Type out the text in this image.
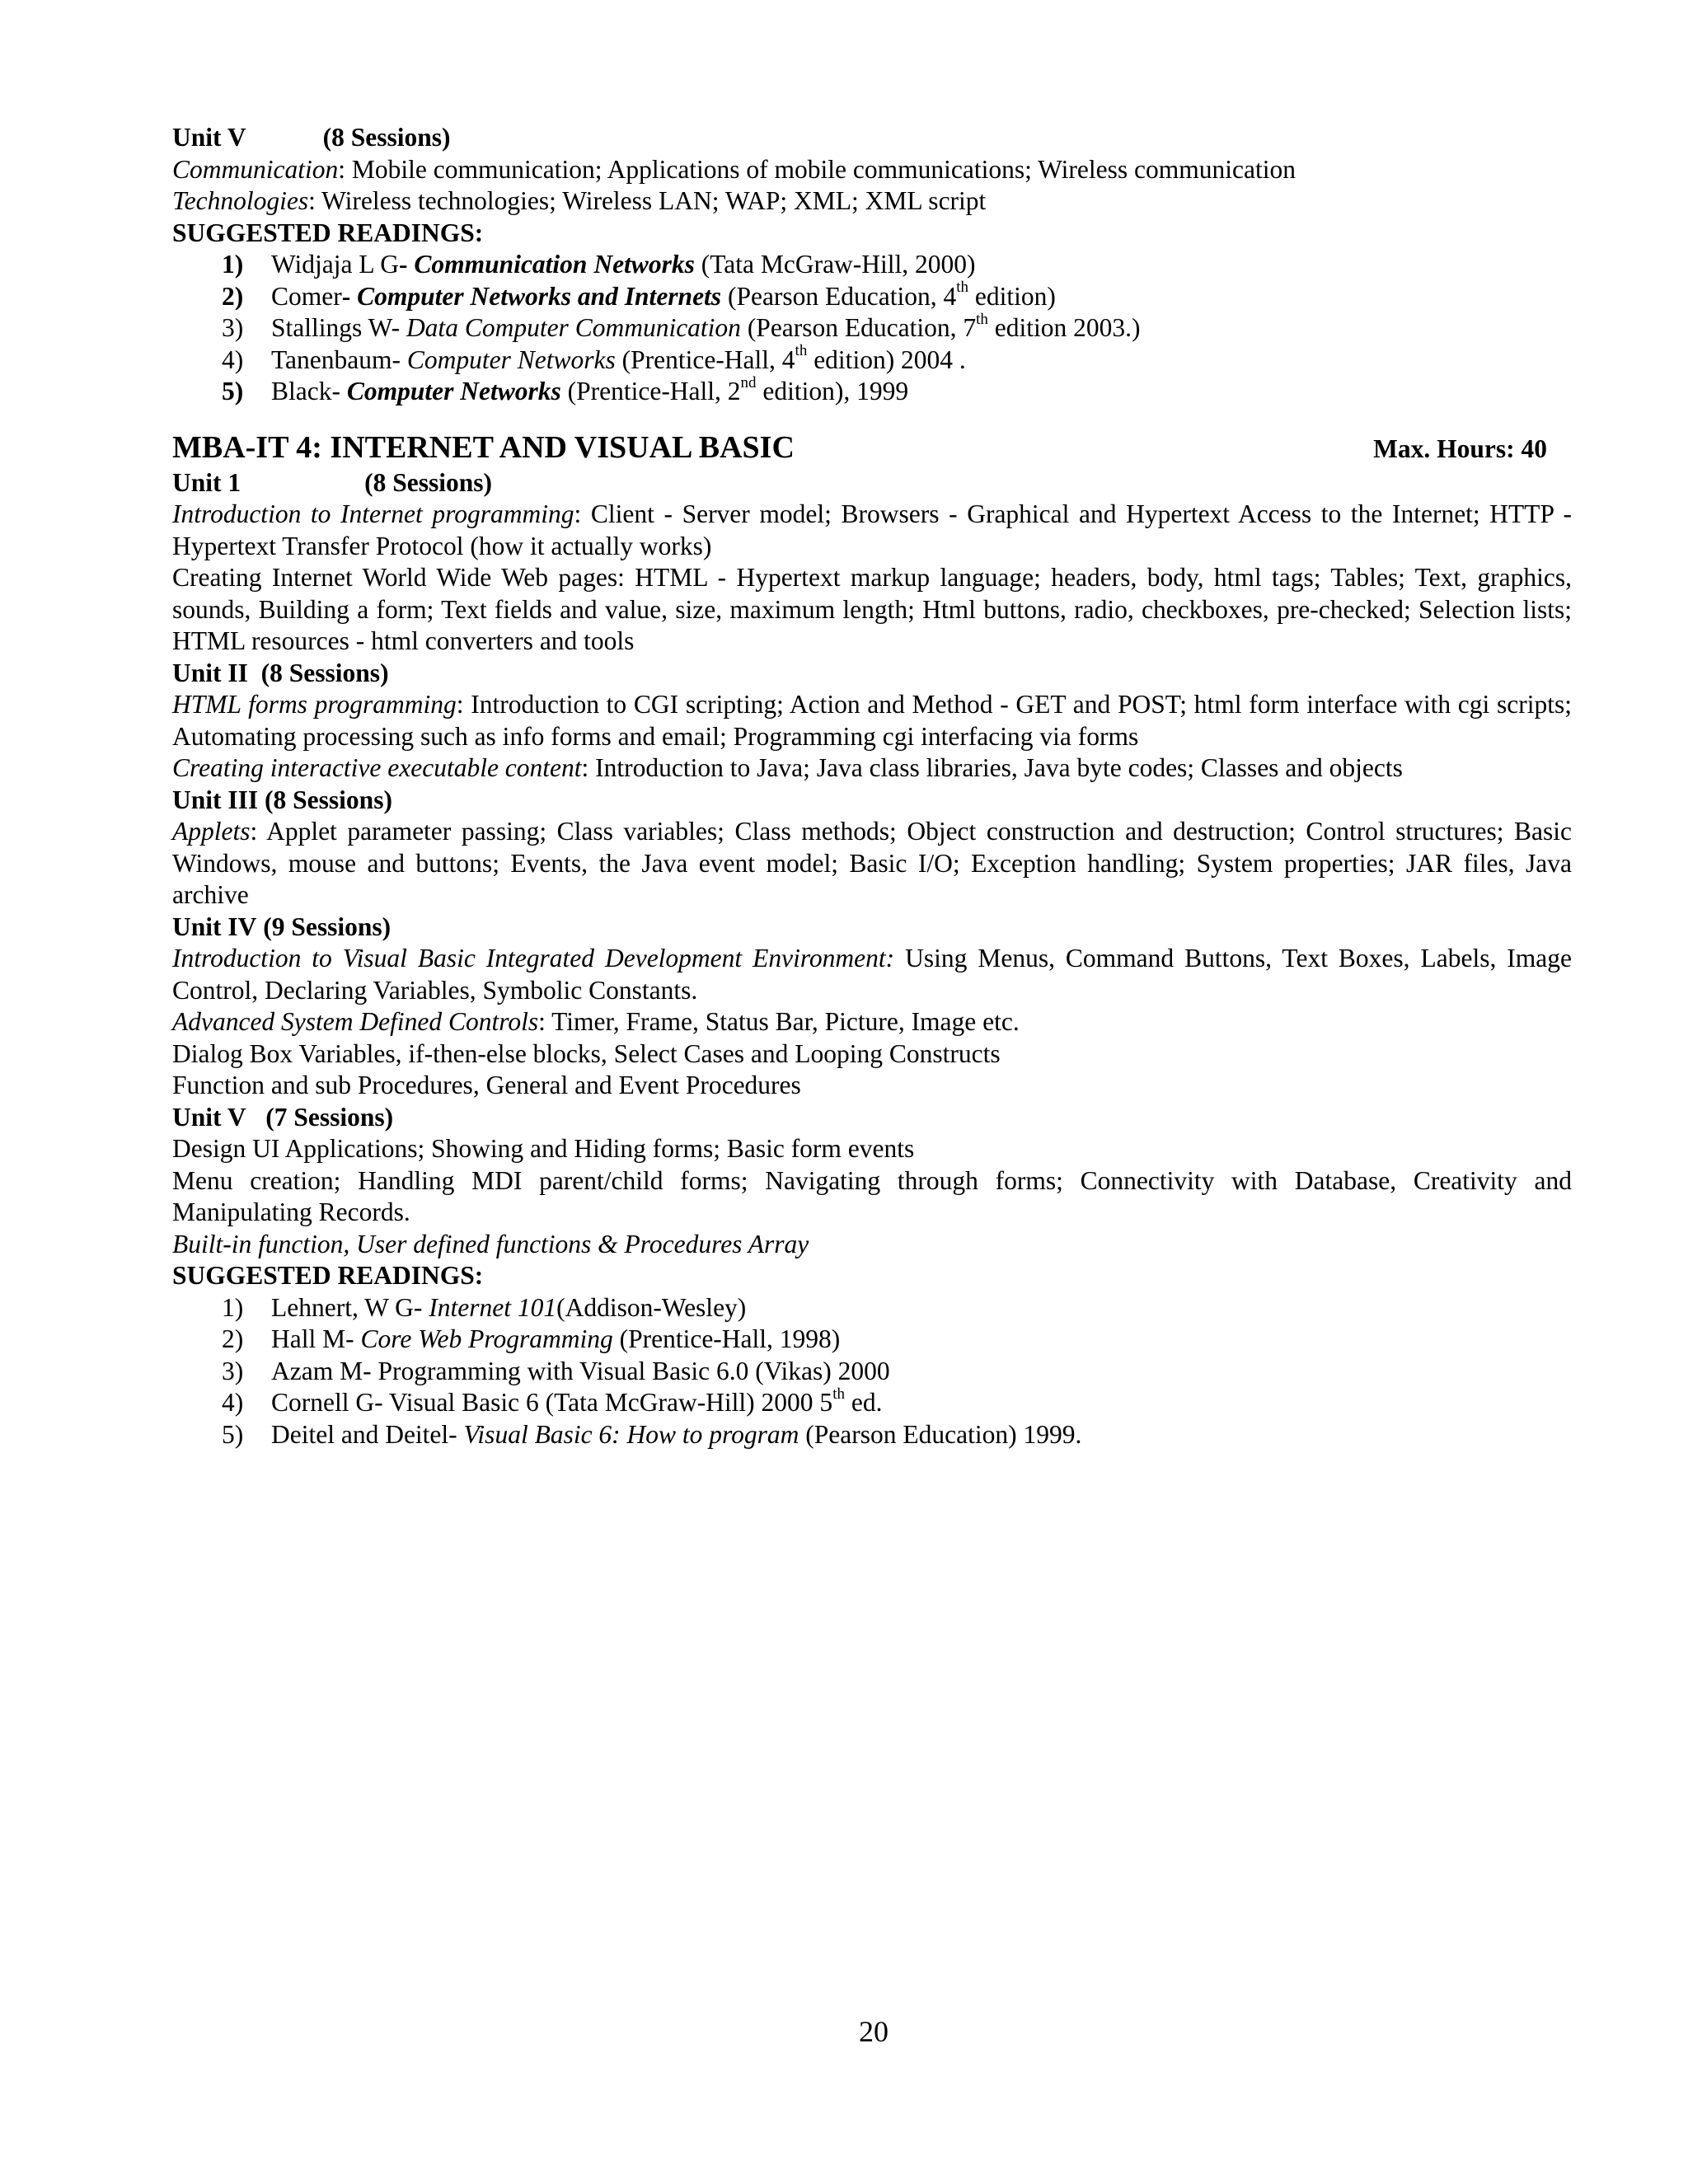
Unit V	(8 Sessions)
Communication: Mobile communication; Applications of mobile communications; Wireless communication
Technologies: Wireless technologies; Wireless LAN; WAP; XML; XML script
SUGGESTED READINGS:
1)	Widjaja L G- Communication Networks (Tata McGraw-Hill, 2000)
2)	Comer- Computer Networks and Internets (Pearson Education, 4th edition)
3)	Stallings W- Data Computer Communication (Pearson Education, 7th edition 2003.)
4)	Tanenbaum- Computer Networks (Prentice-Hall, 4th edition) 2004 .
5)	Black- Computer Networks (Prentice-Hall, 2nd edition), 1999
MBA-IT 4: INTERNET AND VISUAL BASIC	Max. Hours: 40
Unit 1	(8 Sessions)
Introduction to Internet programming: Client - Server model; Browsers - Graphical and Hypertext Access to the Internet; HTTP - Hypertext Transfer Protocol (how it actually works)
Creating Internet World Wide Web pages: HTML - Hypertext markup language; headers, body, html tags; Tables; Text, graphics, sounds, Building a form; Text fields and value, size, maximum length; Html buttons, radio, checkboxes, pre-checked; Selection lists; HTML resources - html converters and tools
Unit II (8 Sessions)
HTML forms programming: Introduction to CGI scripting; Action and Method - GET and POST; html form interface with cgi scripts; Automating processing such as info forms and email; Programming cgi interfacing via forms
Creating interactive executable content: Introduction to Java; Java class libraries, Java byte codes; Classes and objects
Unit III (8 Sessions)
Applets: Applet parameter passing; Class variables; Class methods; Object construction and destruction; Control structures; Basic Windows, mouse and buttons; Events, the Java event model; Basic I/O; Exception handling; System properties; JAR files, Java archive
Unit IV (9 Sessions)
Introduction to Visual Basic Integrated Development Environment: Using Menus, Command Buttons, Text Boxes, Labels, Image Control, Declaring Variables, Symbolic Constants.
Advanced System Defined Controls: Timer, Frame, Status Bar, Picture, Image etc.
Dialog Box Variables, if-then-else blocks, Select Cases and Looping Constructs
Function and sub Procedures, General and Event Procedures
Unit V (7 Sessions)
Design UI Applications; Showing and Hiding forms; Basic form events
Menu creation; Handling MDI parent/child forms; Navigating through forms; Connectivity with Database, Creativity and Manipulating Records.
Built-in function, User defined functions & Procedures Array
SUGGESTED READINGS:
1)	Lehnert, W G- Internet 101(Addison-Wesley)
2)	Hall M- Core Web Programming (Prentice-Hall, 1998)
3)	Azam M- Programming with Visual Basic 6.0 (Vikas) 2000
4)	Cornell G- Visual Basic 6 (Tata McGraw-Hill) 2000 5th ed.
5)	Deitel and Deitel- Visual Basic 6: How to program (Pearson Education) 1999.
20
